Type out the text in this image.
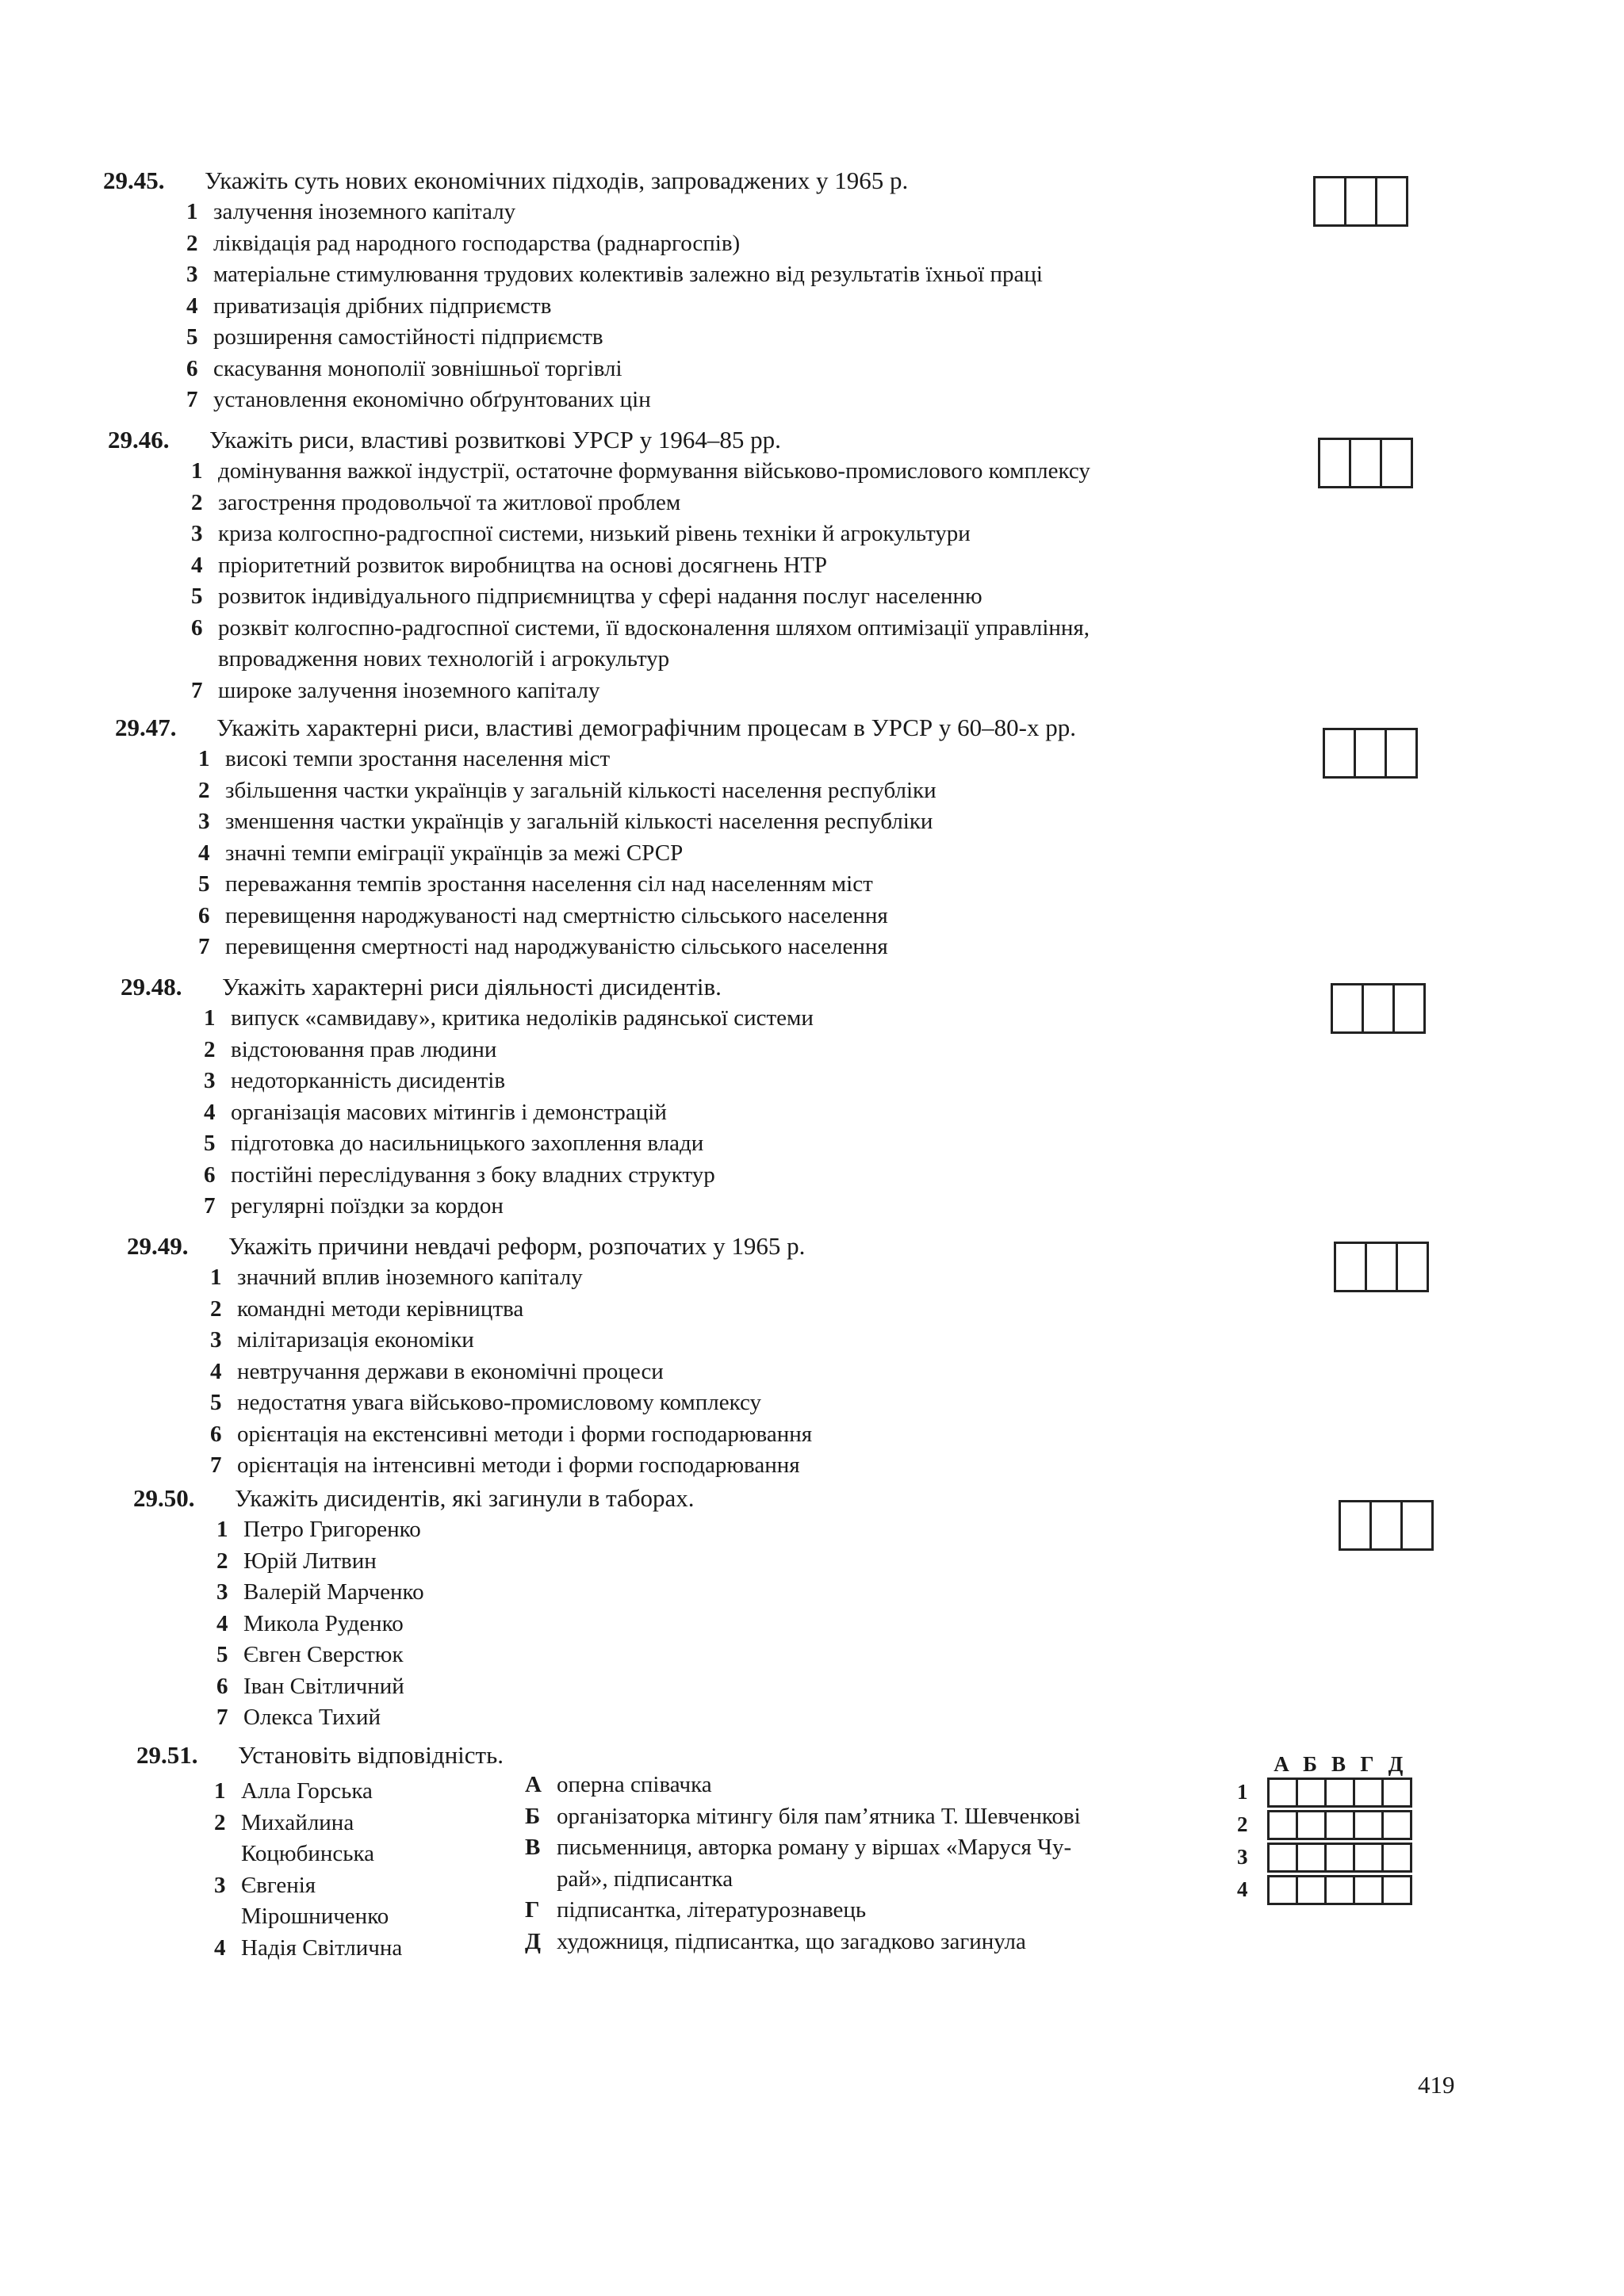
29.45. Укажіть суть нових економічних підходів, запроваджених у 1965 р.
1 залучення іноземного капіталу
2 ліквідація рад народного господарства (раднаргоспів)
3 матеріальне стимулювання трудових колективів залежно від результатів їхньої праці
4 приватизація дрібних підприємств
5 розширення самостійності підприємств
6 скасування монополії зовнішньої торгівлі
7 установлення економічно обґрунтованих цін
29.46. Укажіть риси, властиві розвиткові УРСР у 1964–85 рр.
1 домінування важкої індустрії, остаточне формування військово-промислового комплексу
2 загострення продовольчої та житлової проблем
3 криза колгоспно-радгоспної системи, низький рівень техніки й агрокультури
4 пріоритетний розвиток виробництва на основі досягнень НТР
5 розвиток індивідуального підприємництва у сфері надання послуг населенню
6 розквіт колгоспно-радгоспної системи, її вдосконалення шляхом оптимізації управління,
впровадження нових технологій і агрокультур
7 широке залучення іноземного капіталу
29.47. Укажіть характерні риси, властиві демографічним процесам в УРСР у 60–80-х рр.
1 високі темпи зростання населення міст
2 збільшення частки українців у загальній кількості населення республіки
3 зменшення частки українців у загальній кількості населення республіки
4 значні темпи еміграції українців за межі СРСР
5 переважання темпів зростання населення сіл над населенням міст
6 перевищення народжуваності над смертністю сільського населення
7 перевищення смертності над народжуваністю сільського населення
29.48. Укажіть характерні риси діяльності дисидентів.
1 випуск «самвидаву», критика недоліків радянської системи
2 відстоювання прав людини
3 недоторканність дисидентів
4 організація масових мітингів і демонстрацій
5 підготовка до насильницького захоплення влади
6 постійні переслідування з боку владних структур
7 регулярні поїздки за кордон
29.49. Укажіть причини невдачі реформ, розпочатих у 1965 р.
1 значний вплив іноземного капіталу
2 командні методи керівництва
3 мілітаризація економіки
4 невтручання держави в економічні процеси
5 недостатня увага військово-промисловому комплексу
6 орієнтація на екстенсивні методи і форми господарювання
7 орієнтація на інтенсивні методи і форми господарювання
29.50. Укажіть дисидентів, які загинули в таборах.
1 Петро Григоренко
2 Юрій Литвин
3 Валерій Марченко
4 Микола Руденко
5 Євген Сверстюк
6 Іван Світличний
7 Олекса Тихий
29.51. Установіть відповідність.
1 Алла Горська
2 Михайлина
Коцюбинська
3 Євгенія
Мірошниченко
4 Надія Світлична
А оперна співачка
Б організаторка мітингу біля пам’ятника Т. Шевченкові
В письменниця, авторка роману у віршах «Маруся Чу-
рай», підписантка
Г підписантка, літературознавець
Д художниця, підписантка, що загадково загинула
А Б В Г Д
1
2
3
4
419
